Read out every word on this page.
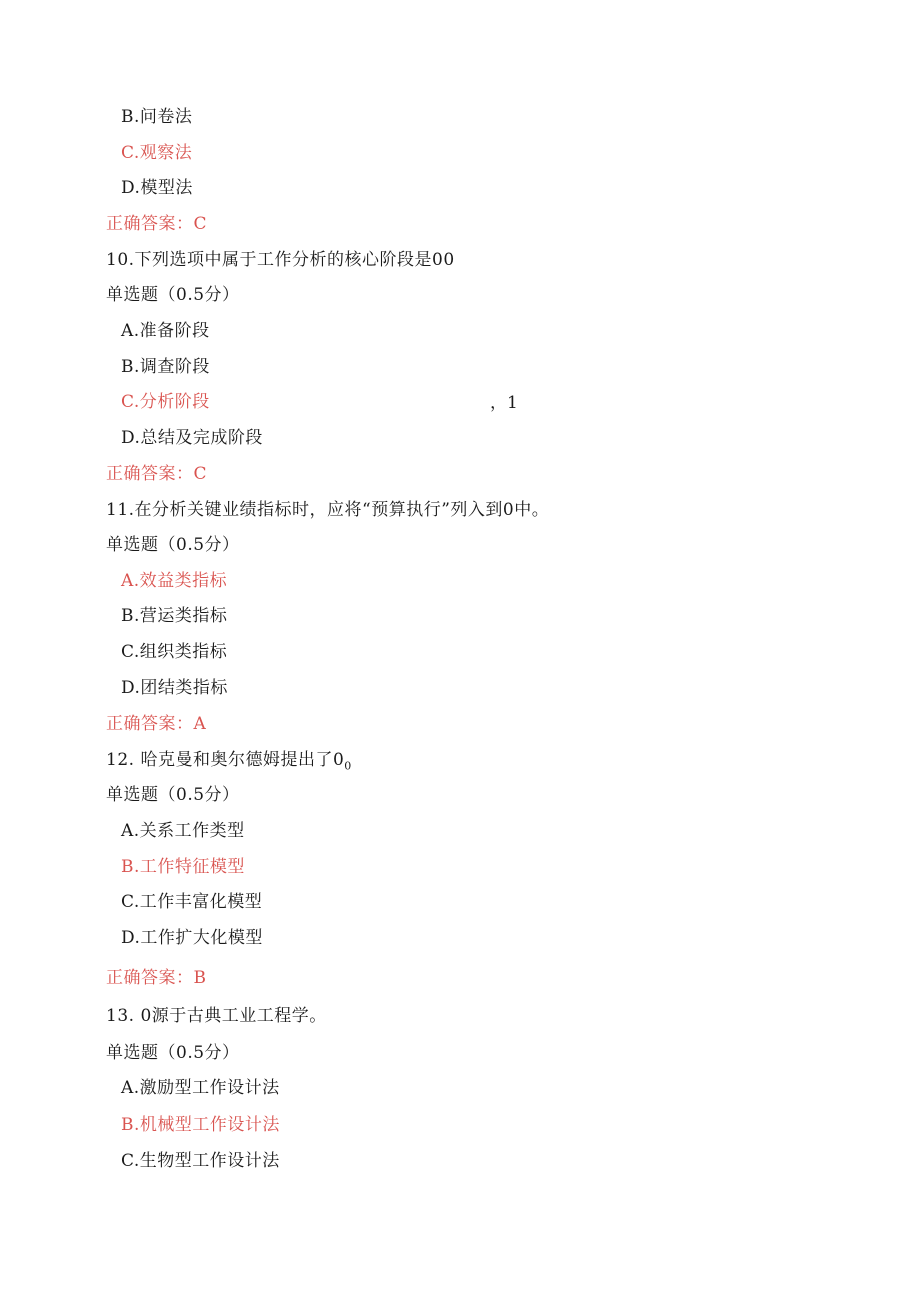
B.问卷法
C.观察法
D.模型法
正确答案：C
10.下列选项中属于工作分析的核心阶段是00
单选题（0.5分）
A.准备阶段
B.调查阶段
C.分析阶段	，1
D.总结及完成阶段
正确答案：C
11.在分析关键业绩指标时，应将“预算执行”列入到0中。
单选题（0.5分）
A.效益类指标
B.营运类指标
C.组织类指标
D.团结类指标
正确答案：A
12. 哈克曼和奥尔德姆提出了$0_0$
单选题（0.5分）
A.关系工作类型
B.工作特征模型
C.工作丰富化模型
D.工作扩大化模型
正确答案：B
13. 0源于古典工业工程学。
单选题（0.5分）
A.激励型工作设计法
B.机械型工作设计法
C.生物型工作设计法
